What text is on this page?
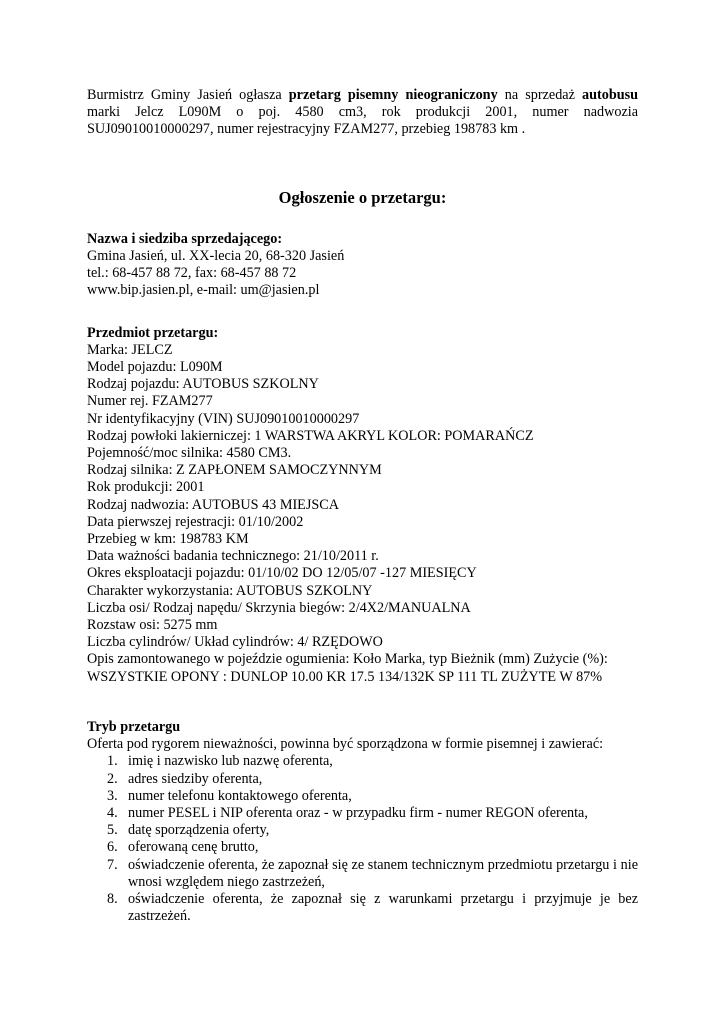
Burmistrz Gminy Jasień ogłasza przetarg pisemny nieograniczony na sprzedaż autobusu
marki Jelcz L090M o poj. 4580 cm3, rok produkcji 2001, numer nadwozia
SUJ09010010000297, numer rejestracyjny FZAM277, przebieg 198783 km .

Ogłoszenie o przetargu:

Nazwa i siedziba sprzedającego:

Gmina Jasień, ul. XX-lecia 20, 68-320 Jasień

tel.: 68-457 88 72, fax: 68-457 88 72

www.bip.jasien.pl, e-mail: um@jasien.pl

Przedmiot przetargu:

Marka: JELCZ

Model pojazdu: L090M

Rodzaj pojazdu: AUTOBUS SZKOLNY

Numer rej. FZAM277

Nr identyfikacyjny (VIN) SUJ09010010000297

Rodzaj powłoki lakierniczej: 1 WARSTWA AKRYL KOLOR: POMARAŃCZ

Pojemność/moc silnika: 4580 CM3.

Rodzaj silnika: Z ZAPŁONEM SAMOCZYNNYM

Rok produkcji: 2001

Rodzaj nadwozia: AUTOBUS 43 MIEJSCA

Data pierwszej rejestracji: 01/10/2002

Przebieg w km: 198783 KM

Data ważności badania technicznego: 21/10/2011 r.

Okres eksploatacji pojazdu: 01/10/02 DO 12/05/07 -127 MIESIĘCY

Charakter wykorzystania: AUTOBUS SZKOLNY

Liczba osi/ Rodzaj napędu/ Skrzynia biegów: 2/4X2/MANUALNA

Rozstaw osi: 5275 mm

Liczba cylindrów/ Układ cylindrów: 4/ RZĘDOWO

Opis zamontowanego w pojeździe ogumienia: Koło Marka, typ Bieżnik (mm) Zużycie (%):

WSZYSTKIE OPONY : DUNLOP 10.00 KR 17.5 134/132K SP 111 TL ZUŻYTE W 87%

Tryb przetargu

Oferta pod rygorem nieważności, powinna być sporządzona w formie pisemnej i zawierać:

1. imię i nazwisko lub nazwę oferenta,
2. adres siedziby oferenta,
3. numer telefonu kontaktowego oferenta,
4. numer PESEL i NIP oferenta oraz - w przypadku firm - numer REGON oferenta,
5. datę sporządzenia oferty,
6. oferowaną cenę brutto,
7. oświadczenie oferenta, że zapoznał się ze stanem technicznym przedmiotu przetargu i nie wnosi względem niego zastrzeżeń,
8. oświadczenie oferenta, że zapoznał się z warunkami przetargu i przyjmuje je bez zastrzeżeń.
